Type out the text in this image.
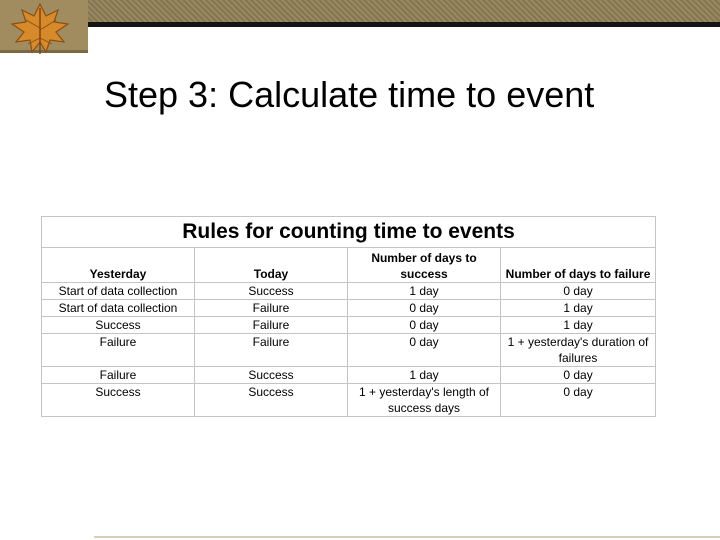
Step 3: Calculate time to event
Rules for counting time to events			
Yesterday	Today	Number of days to success	Number of days to failure
Start of data collection	Success	1 day	0 day
Start of data collection	Failure	0 day	1 day
Success	Failure	0 day	1 day
Failure	Failure	0 day	1 + yesterday's duration of failures
Failure	Success	1 day	0 day
Success	Success	1 + yesterday's length of success days	0 day
